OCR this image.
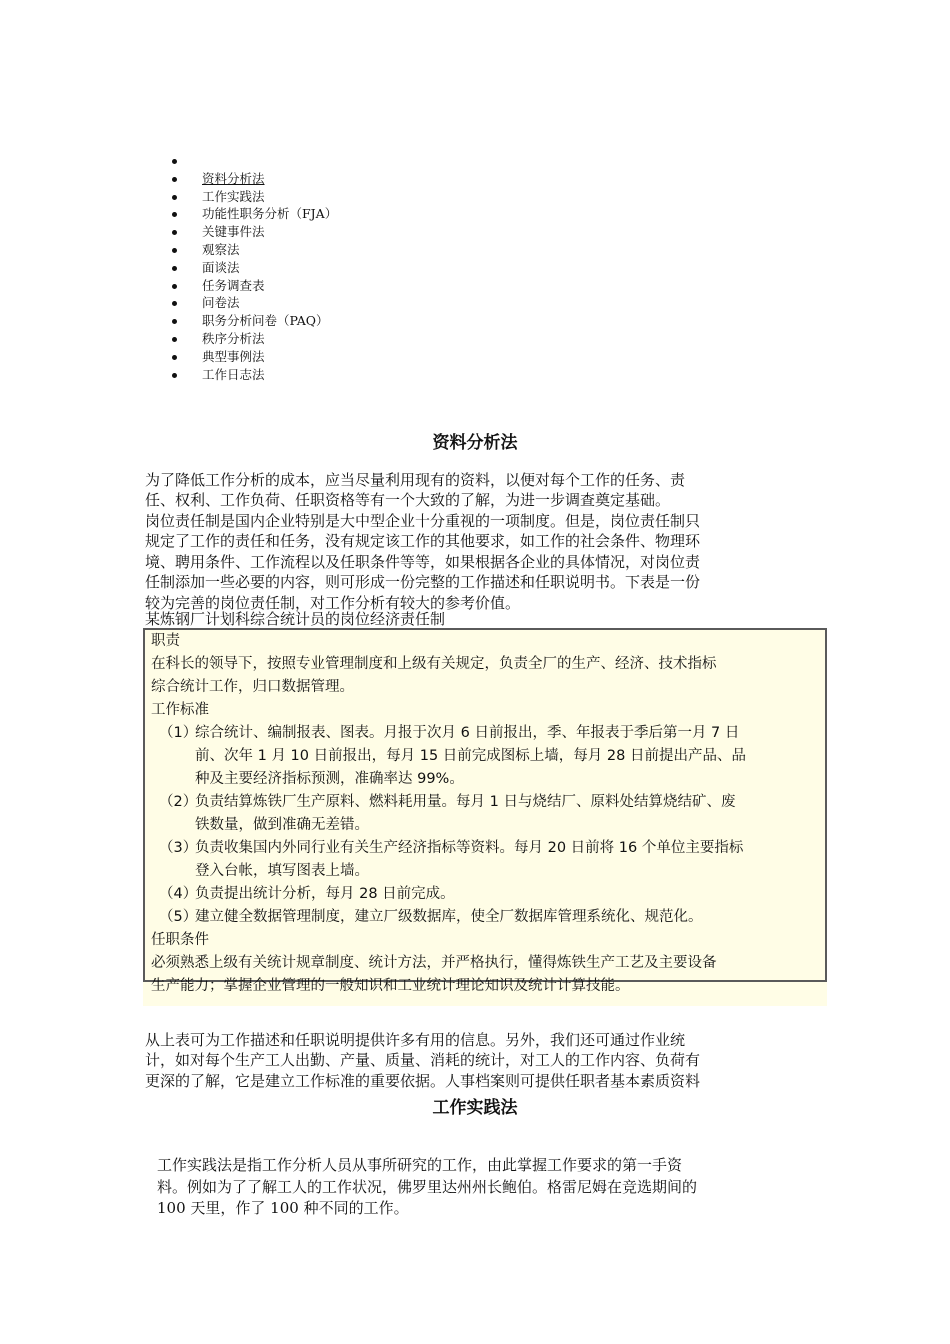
资料分析法
工作实践法
功能性职务分析（FJA）
关键事件法
观察法
面谈法
任务调查表
问卷法
职务分析问卷（PAQ）
秩序分析法
典型事例法
工作日志法
资料分析法
为了降低工作分析的成本，应当尽量利用现有的资料，以便对每个工作的任务、责
任、权利、工作负荷、任职资格等有一个大致的了解，为进一步调查奠定基础。
岗位责任制是国内企业特别是大中型企业十分重视的一项制度。但是，岗位责任制只
规定了工作的责任和任务，没有规定该工作的其他要求，如工作的社会条件、物理环
境、聘用条件、工作流程以及任职条件等等，如果根据各企业的具体情况，对岗位责
任制添加一些必要的内容，则可形成一份完整的工作描述和任职说明书。下表是一份
较为完善的岗位责任制，对工作分析有较大的参考价值。
某炼钢厂计划科综合统计员的岗位经济责任制
职责
在科长的领导下，按照专业管理制度和上级有关规定，负责全厂的生产、经济、技术指标
综合统计工作，归口数据管理。
工作标准
（1）
综合统计、编制报表、图表。月报于次月 6 日前报出，季、年报表于季后第一月 7 日
前、次年 1 月 10 日前报出，每月 15 日前完成图标上墙，每月 28 日前提出产品、品
种及主要经济指标预测，准确率达 99%。
（2）
负责结算炼铁厂生产原料、燃料耗用量。每月 1 日与烧结厂、原料处结算烧结矿、废
铁数量，做到准确无差错。
（3）
负责收集国内外同行业有关生产经济指标等资料。每月 20 日前将 16 个单位主要指标
登入台帐，填写图表上墙。
（4）
负责提出统计分析，每月 28 日前完成。
（5）
建立健全数据管理制度，建立厂级数据库，使全厂数据库管理系统化、规范化。
任职条件
必须熟悉上级有关统计规章制度、统计方法，并严格执行，懂得炼铁生产工艺及主要设备
生产能力；掌握企业管理的一般知识和工业统计理论知识及统计计算技能。
从上表可为工作描述和任职说明提供许多有用的信息。另外，我们还可通过作业统
计，如对每个生产工人出勤、产量、质量、消耗的统计，对工人的工作内容、负荷有
更深的了解，它是建立工作标准的重要依据。人事档案则可提供任职者基本素质资料
工作实践法
工作实践法是指工作分析人员从事所研究的工作，由此掌握工作要求的第一手资
料。例如为了了解工人的工作状况，佛罗里达州州长鲍伯。格雷尼姆在竞选期间的
100 天里，作了 100 种不同的工作。
